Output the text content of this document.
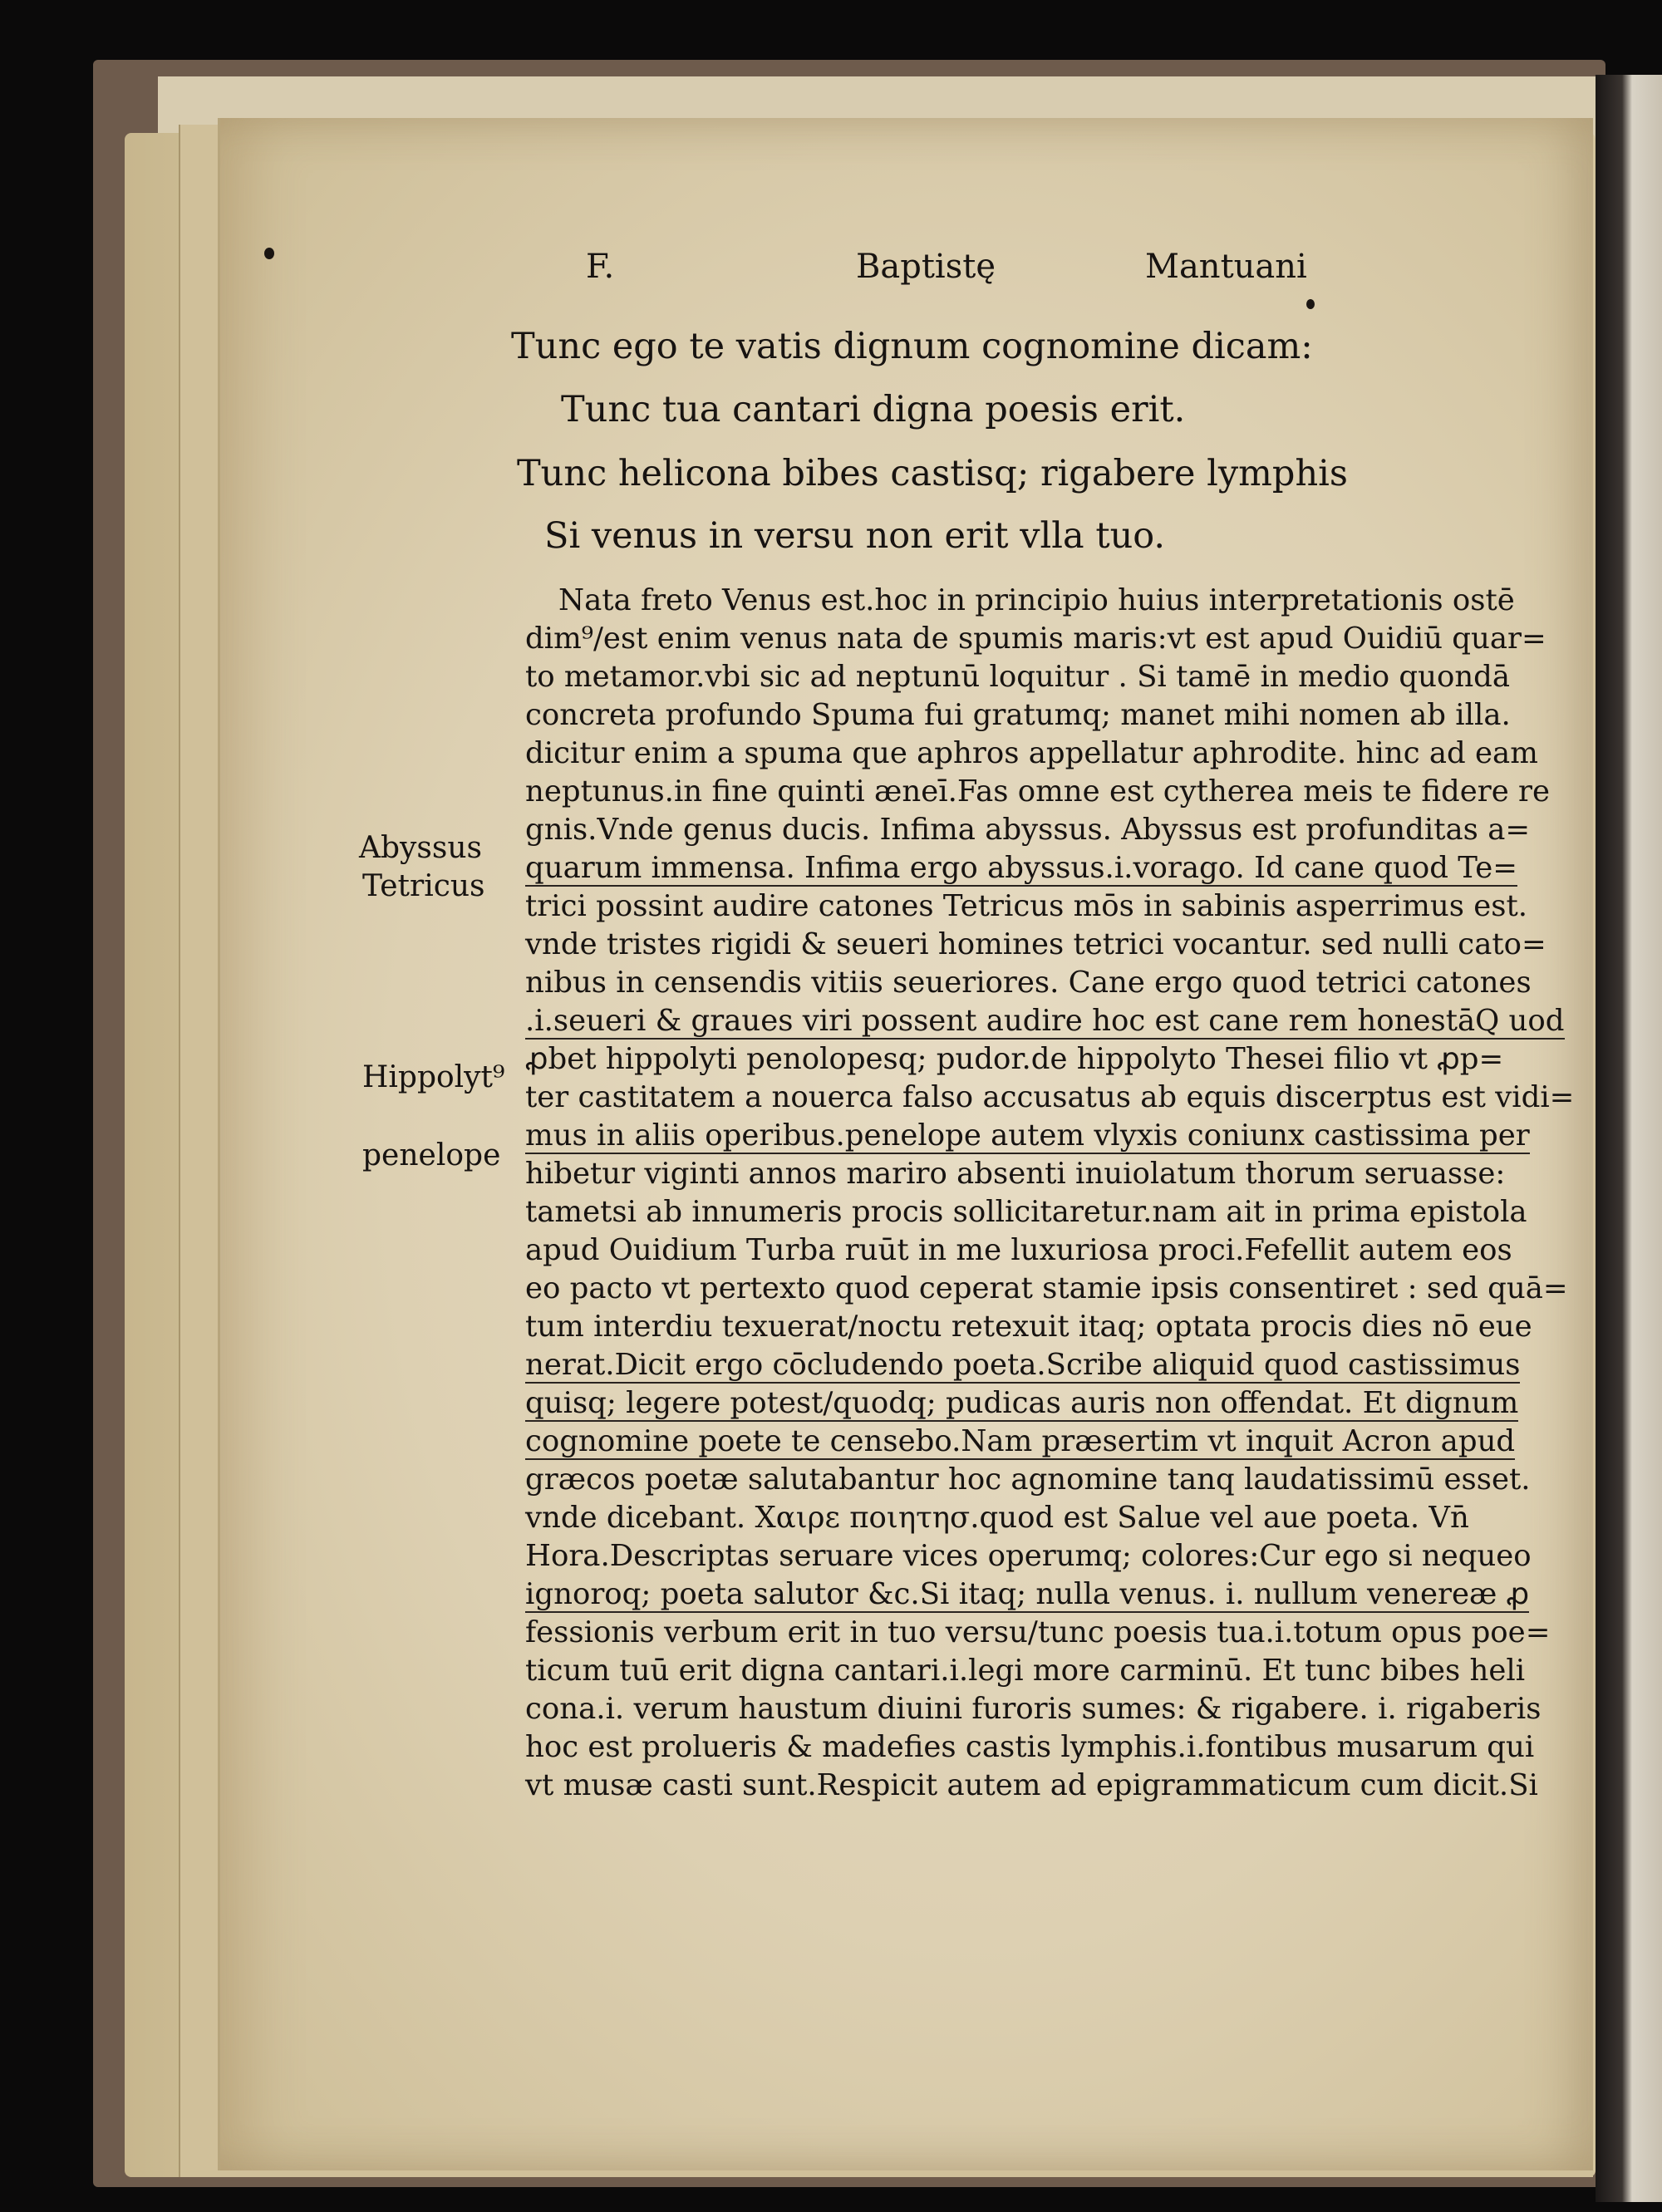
F.	Baptistę	Mantuani
Tunc ego te vatis dignum cognomine dicam:
Tunc tua cantari digna poesis erit.
Tunc helicona bibes castisq; rigabere lymphis
Si venus in versu non erit vlla tuo.
Nata freto Venus est.hoc in principio huius interpretationis ostē
dim⁹/est enim venus nata de spumis maris:vt est apud Ouidiū quar=
to metamor.vbi sic ad neptunū loquitur . Si tamē in medio quondā
concreta profundo Spuma fui gratumq; manet mihi nomen ab illa.
dicitur enim a spuma que aphros appellatur aphrodite. hinc ad eam
neptunus.in fine quinti æneī.Fas omne est cytherea meis te fidere re
gnis.Vnde genus ducis. Infima abyssus. Abyssus est profunditas a=
quarum immensa. Infima ergo abyssus.i.vorago. Id cane quod Te=
trici possint audire catones Tetricus mōs in sabinis asperrimus est.
vnde tristes rigidi & seueri homines tetrici vocantur. sed nulli cato=
nibus in censendis vitiis seueriores. Cane ergo quod tetrici catones
.i.seueri & graues viri possent audire hoc est cane rem honestāQ uod
ꝓbet hippolyti penolopesq; pudor.de hippolyto Thesei filio vt ꝓp=
ter castitatem a nouerca falso accusatus ab equis discerptus est vidi=
mus in aliis operibus.penelope autem vlyxis coniunx castissima per
hibetur viginti annos mariro absenti inuiolatum thorum seruasse:
tametsi ab innumeris procis sollicitaretur.nam ait in prima epistola
apud Ouidium Turba ruūt in me luxuriosa proci.Fefellit autem eos
eo pacto vt pertexto quod ceperat stamie ipsis consentiret : sed quā=
tum interdiu texuerat/noctu retexuit itaq; optata procis dies nō eue
nerat.Dicit ergo cōcludendo poeta.Scribe aliquid quod castissimus
quisq; legere potest/quodq; pudicas auris non offendat. Et dignum
cognomine poete te censebo.Nam præsertim vt inquit Acron apud
græcos poetæ salutabantur hoc agnomine tanq laudatissimū esset.
vnde dicebant. Χαιρε ποιητησ.quod est Salue vel aue poeta. Vn̄
Hora.Descriptas seruare vices operumq; colores:Cur ego si nequeo
ignoroq; poeta salutor &c.Si itaq; nulla venus. i. nullum venereæ ꝓ
fessionis verbum erit in tuo versu/tunc poesis tua.i.totum opus poe=
ticum tuū erit digna cantari.i.legi more carminū. Et tunc bibes heli
cona.i. verum haustum diuini furoris sumes: & rigabere. i. rigaberis
hoc est prolueris & madefies castis lymphis.i.fontibus musarum qui
vt musæ casti sunt.Respicit autem ad epigrammaticum cum dicit.Si
Abyssus
Tetricus
Hippolyt⁹
penelope
